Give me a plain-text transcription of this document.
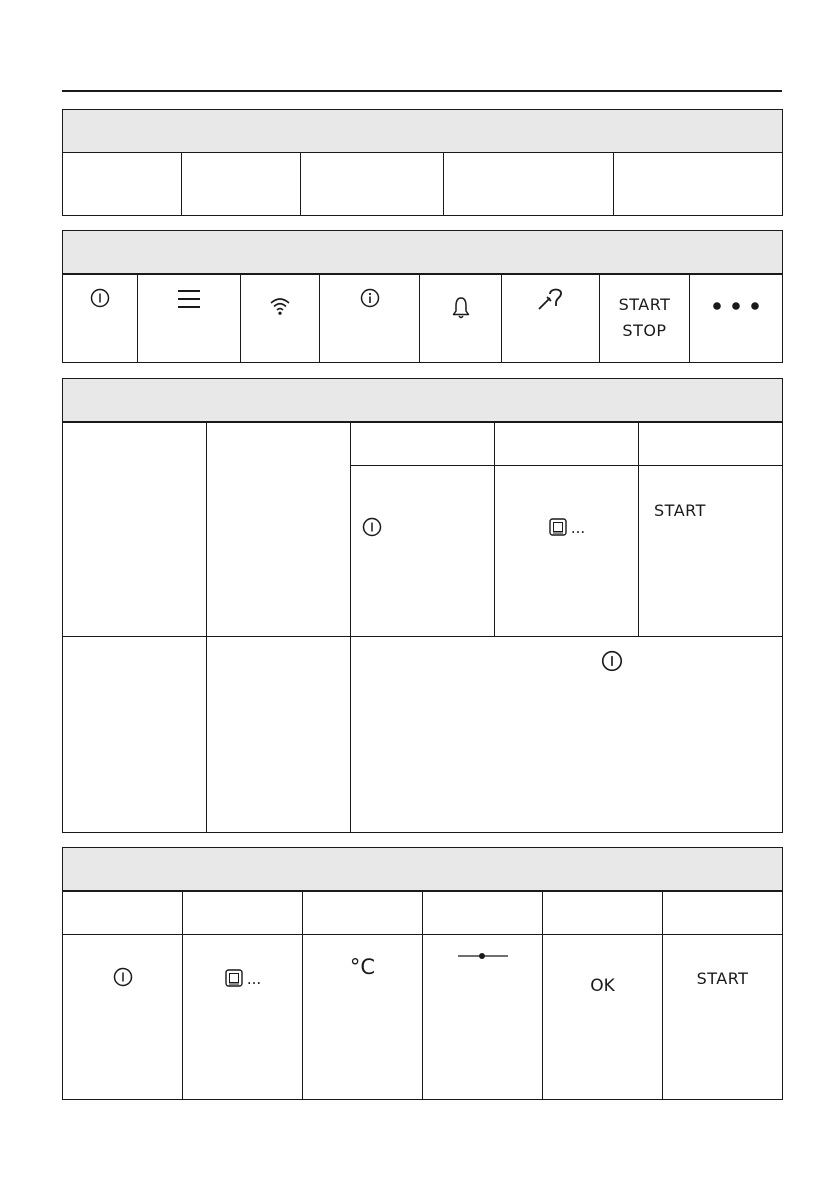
START
STOP
...
START
...	°C
OK	START
